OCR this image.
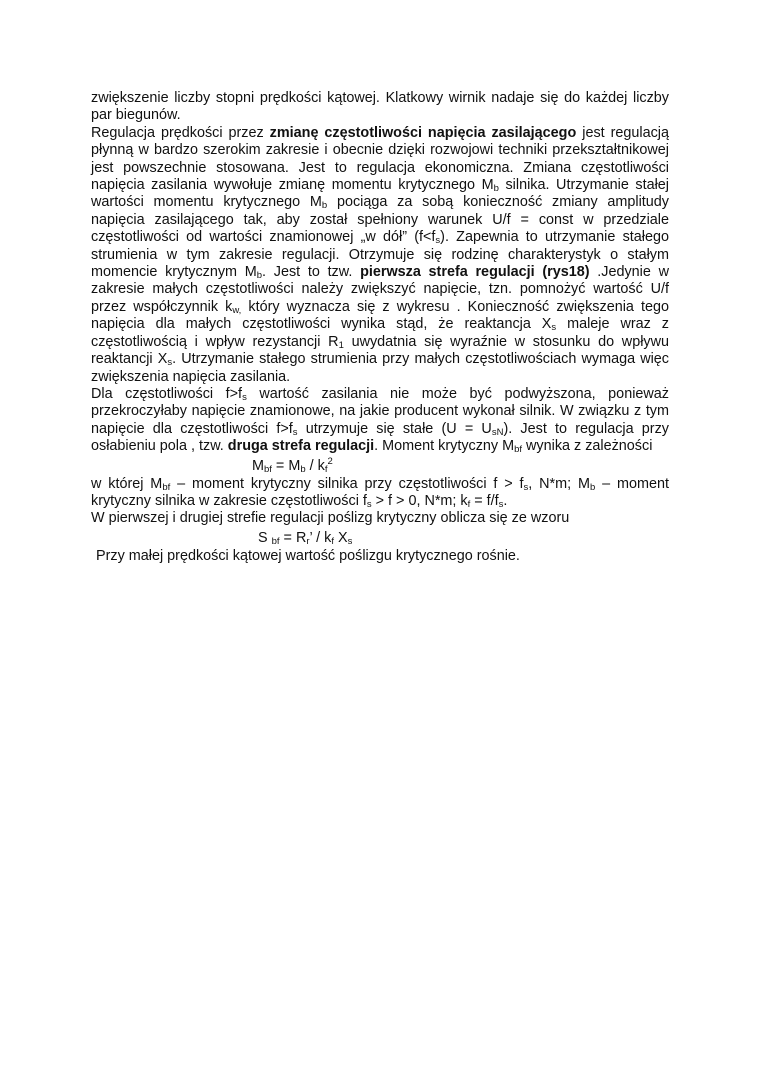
zwiększenie liczby stopni prędkości kątowej. Klatkowy wirnik nadaje się do każdej liczby par biegunów.

Regulacja prędkości przez zmianę częstotliwości napięcia zasilającego jest regulacją płynną w bardzo szerokim zakresie i obecnie dzięki rozwojowi techniki przekształtnikowej jest powszechnie stosowana. Jest to regulacja ekonomiczna. Zmiana częstotliwości napięcia zasilania wywołuje zmianę momentu krytycznego $M_b$ silnika. Utrzymanie stałej wartości momentu krytycznego $M_b$ pociąga za sobą konieczność zmiany amplitudy napięcia zasilającego tak, aby został spełniony warunek U/f = const w przedziale częstotliwości od wartości znamionowej „w dół” $(f<f_s)$. Zapewnia to utrzymanie stałego strumienia w tym zakresie regulacji. Otrzymuje się rodzinę charakterystyk o stałym momencie krytycznym $M_b$. Jest to tzw. pierwsza strefa regulacji (rys18) .Jedynie w zakresie małych częstotliwości należy zwiększyć napięcie, tzn. pomnożyć wartość U/f przez współczynnik $k_{w,}$ który wyznacza się z wykresu . Konieczność zwiększenia tego napięcia dla małych częstotliwości wynika stąd, że reaktancja $X_s$ maleje wraz z częstotliwością i wpływ rezystancji $R_1$ uwydatnia się wyraźnie w stosunku do wpływu reaktancji $X_s$. Utrzymanie stałego strumienia przy małych częstotliwościach wymaga więc zwiększenia napięcia zasilania.

Dla częstotliwości $f>f_s$ wartość zasilania nie może być podwyższona, ponieważ przekroczyłaby napięcie znamionowe, na jakie producent wykonał silnik. W związku z tym napięcie dla częstotliwości $f>f_s$ utrzymuje się stałe $(U = U_{sN})$. Jest to regulacja przy osłabieniu pola , tzw. druga strefa regulacji. Moment krytyczny $M_{bf}$ wynika z zależności

$M_{bf} = M_b / k_f^2$

w której $M_{bf}$ – moment krytyczny silnika przy częstotliwości $f > f_s$, N*m; $M_b$ – moment krytyczny silnika w zakresie częstotliwości $f_s > f > 0$, N*m; $k_f = f/f_s$.

W pierwszej i drugiej strefie regulacji poślizg krytyczny oblicza się ze wzoru

S $_{bf} = R_r$’ / $k_f$ $X_s$

Przy małej prędkości kątowej wartość poślizgu krytycznego rośnie.
